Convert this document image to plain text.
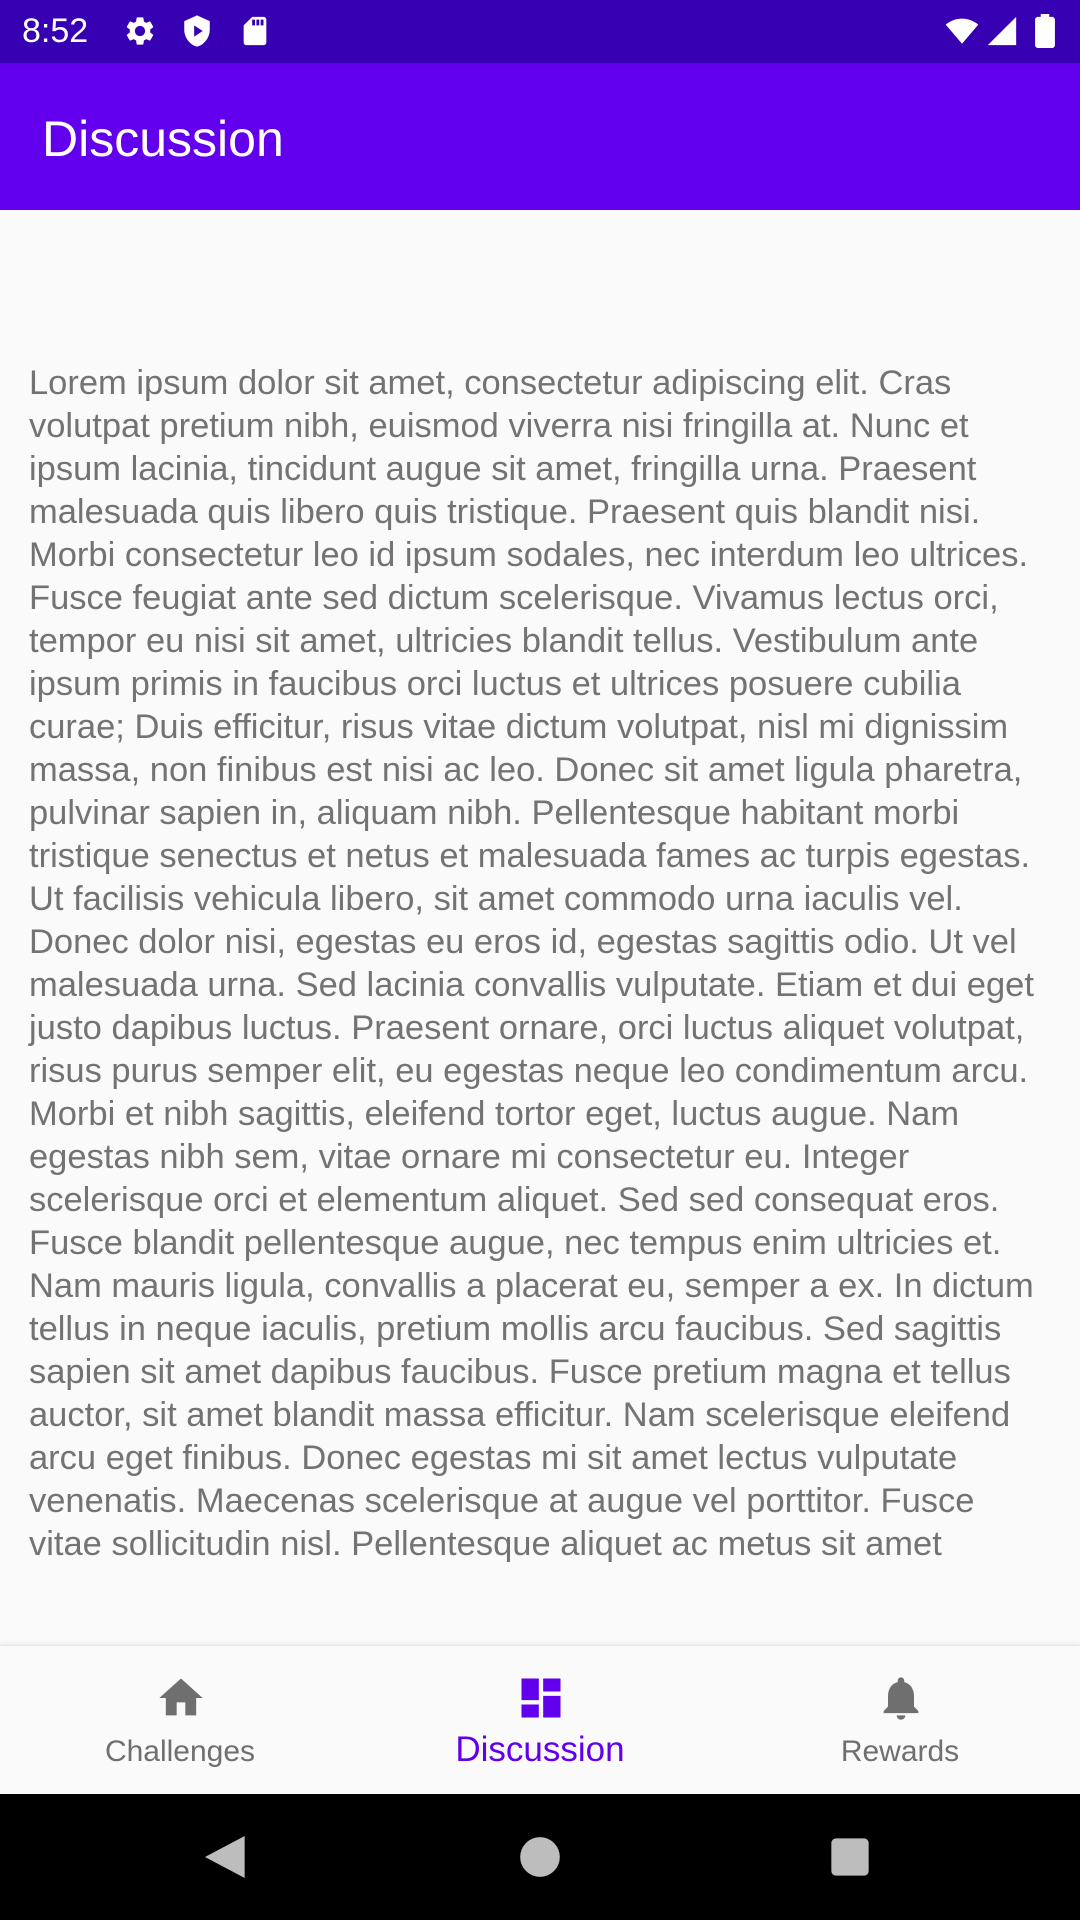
8:52
Discussion

Lorem ipsum dolor sit amet, consectetur adipiscing elit. Cras volutpat pretium nibh, euismod viverra nisi fringilla at. Nunc et ipsum lacinia, tincidunt augue sit amet, fringilla urna. Praesent malesuada quis libero quis tristique. Praesent quis blandit nisi. Morbi consectetur leo id ipsum sodales, nec interdum leo ultrices. Fusce feugiat ante sed dictum scelerisque. Vivamus lectus orci, tempor eu nisi sit amet, ultricies blandit tellus. Vestibulum ante ipsum primis in faucibus orci luctus et ultrices posuere cubilia curae; Duis efficitur, risus vitae dictum volutpat, nisl mi dignissim massa, non finibus est nisi ac leo. Donec sit amet ligula pharetra, pulvinar sapien in, aliquam nibh. Pellentesque habitant morbi tristique senectus et netus et malesuada fames ac turpis egestas. Ut facilisis vehicula libero, sit amet commodo urna iaculis vel. Donec dolor nisi, egestas eu eros id, egestas sagittis odio. Ut vel malesuada urna. Sed lacinia convallis vulputate. Etiam et dui eget justo dapibus luctus. Praesent ornare, orci luctus aliquet volutpat, risus purus semper elit, eu egestas neque leo condimentum arcu. Morbi et nibh sagittis, eleifend tortor eget, luctus augue. Nam egestas nibh sem, vitae ornare mi consectetur eu. Integer scelerisque orci et elementum aliquet. Sed sed consequat eros. Fusce blandit pellentesque augue, nec tempus enim ultricies et. Nam mauris ligula, convallis a placerat eu, semper a ex. In dictum tellus in neque iaculis, pretium mollis arcu faucibus. Sed sagittis sapien sit amet dapibus faucibus. Fusce pretium magna et tellus auctor, sit amet blandit massa efficitur. Nam scelerisque eleifend arcu eget finibus. Donec egestas mi sit amet lectus vulputate venenatis. Maecenas scelerisque at augue vel porttitor. Fusce vitae sollicitudin nisl. Pellentesque aliquet ac metus sit amet

Challenges	Discussion	Rewards
